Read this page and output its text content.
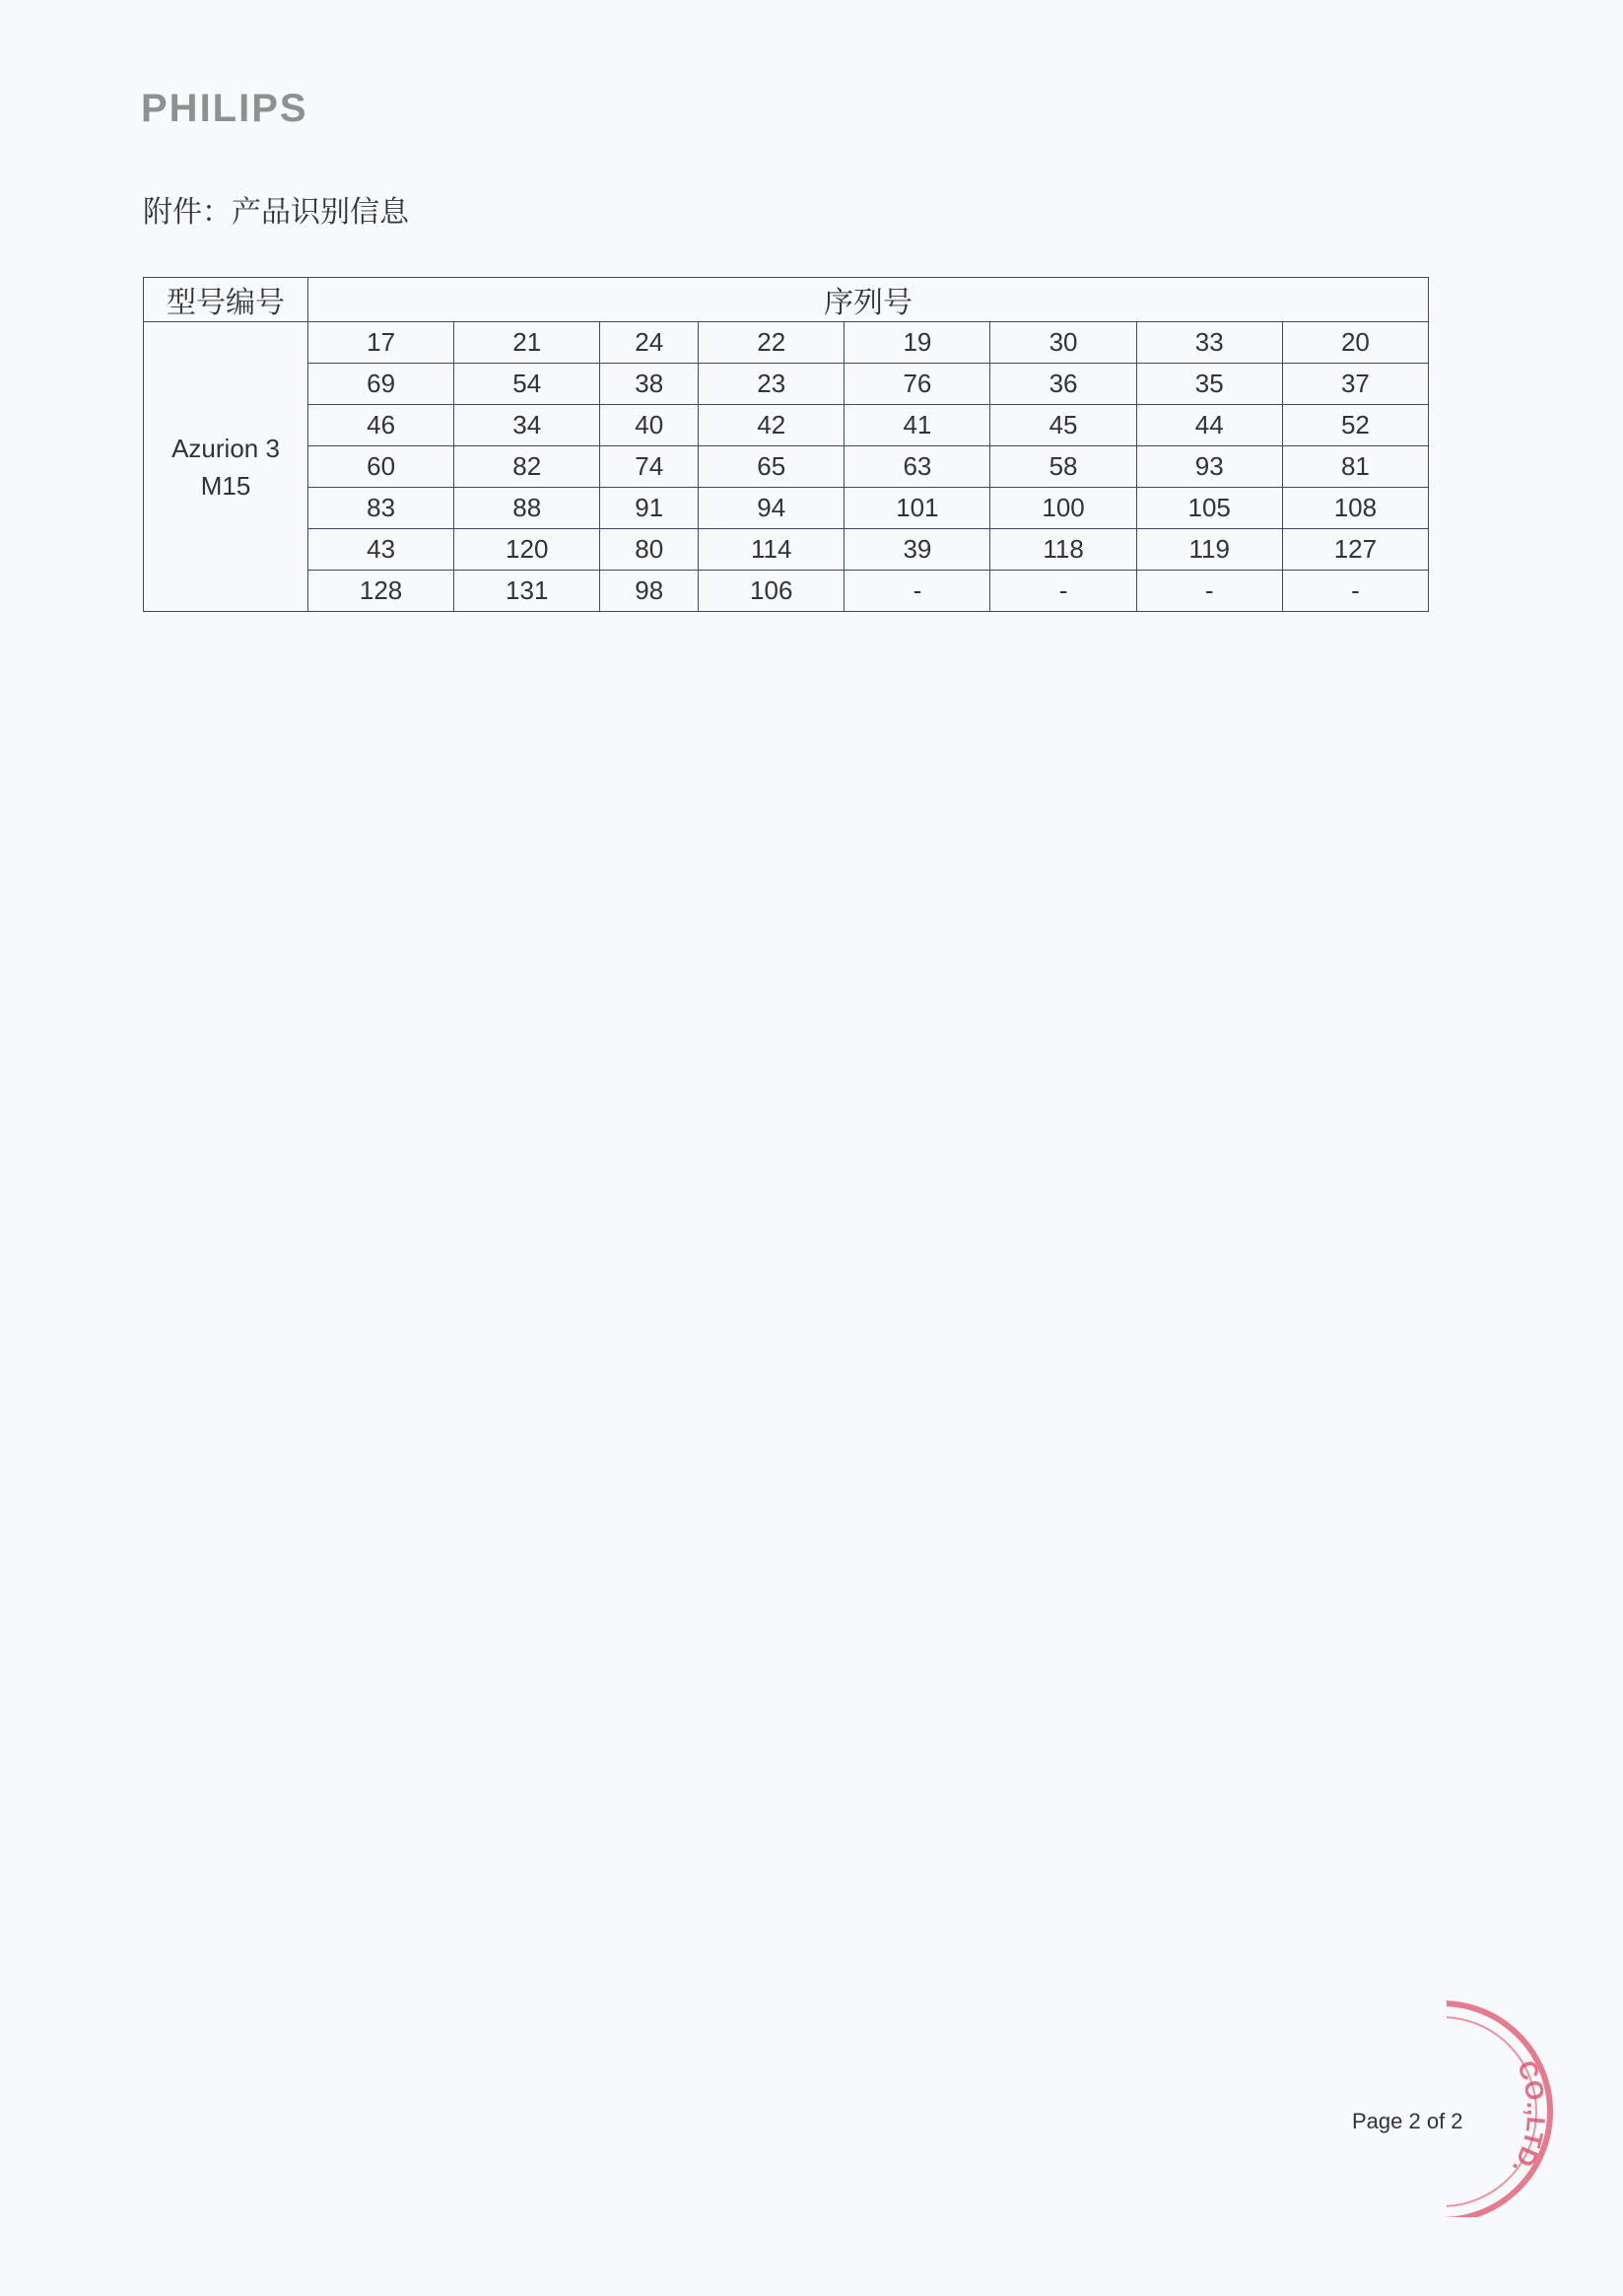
PHILIPS
附件：产品识别信息
型号编号	序列号							
Azurion 3
M15	17	21	24	22	19	30	33	20
	69	54	38	23	76	36	35	37
	46	34	40	42	41	45	44	52
	60	82	74	65	63	58	93	81
	83	88	91	94	101	100	105	108
	43	120	80	114	39	118	119	127
	128	131	98	106	-	-	-	-
CO.,LTD.
Page 2 of 2
